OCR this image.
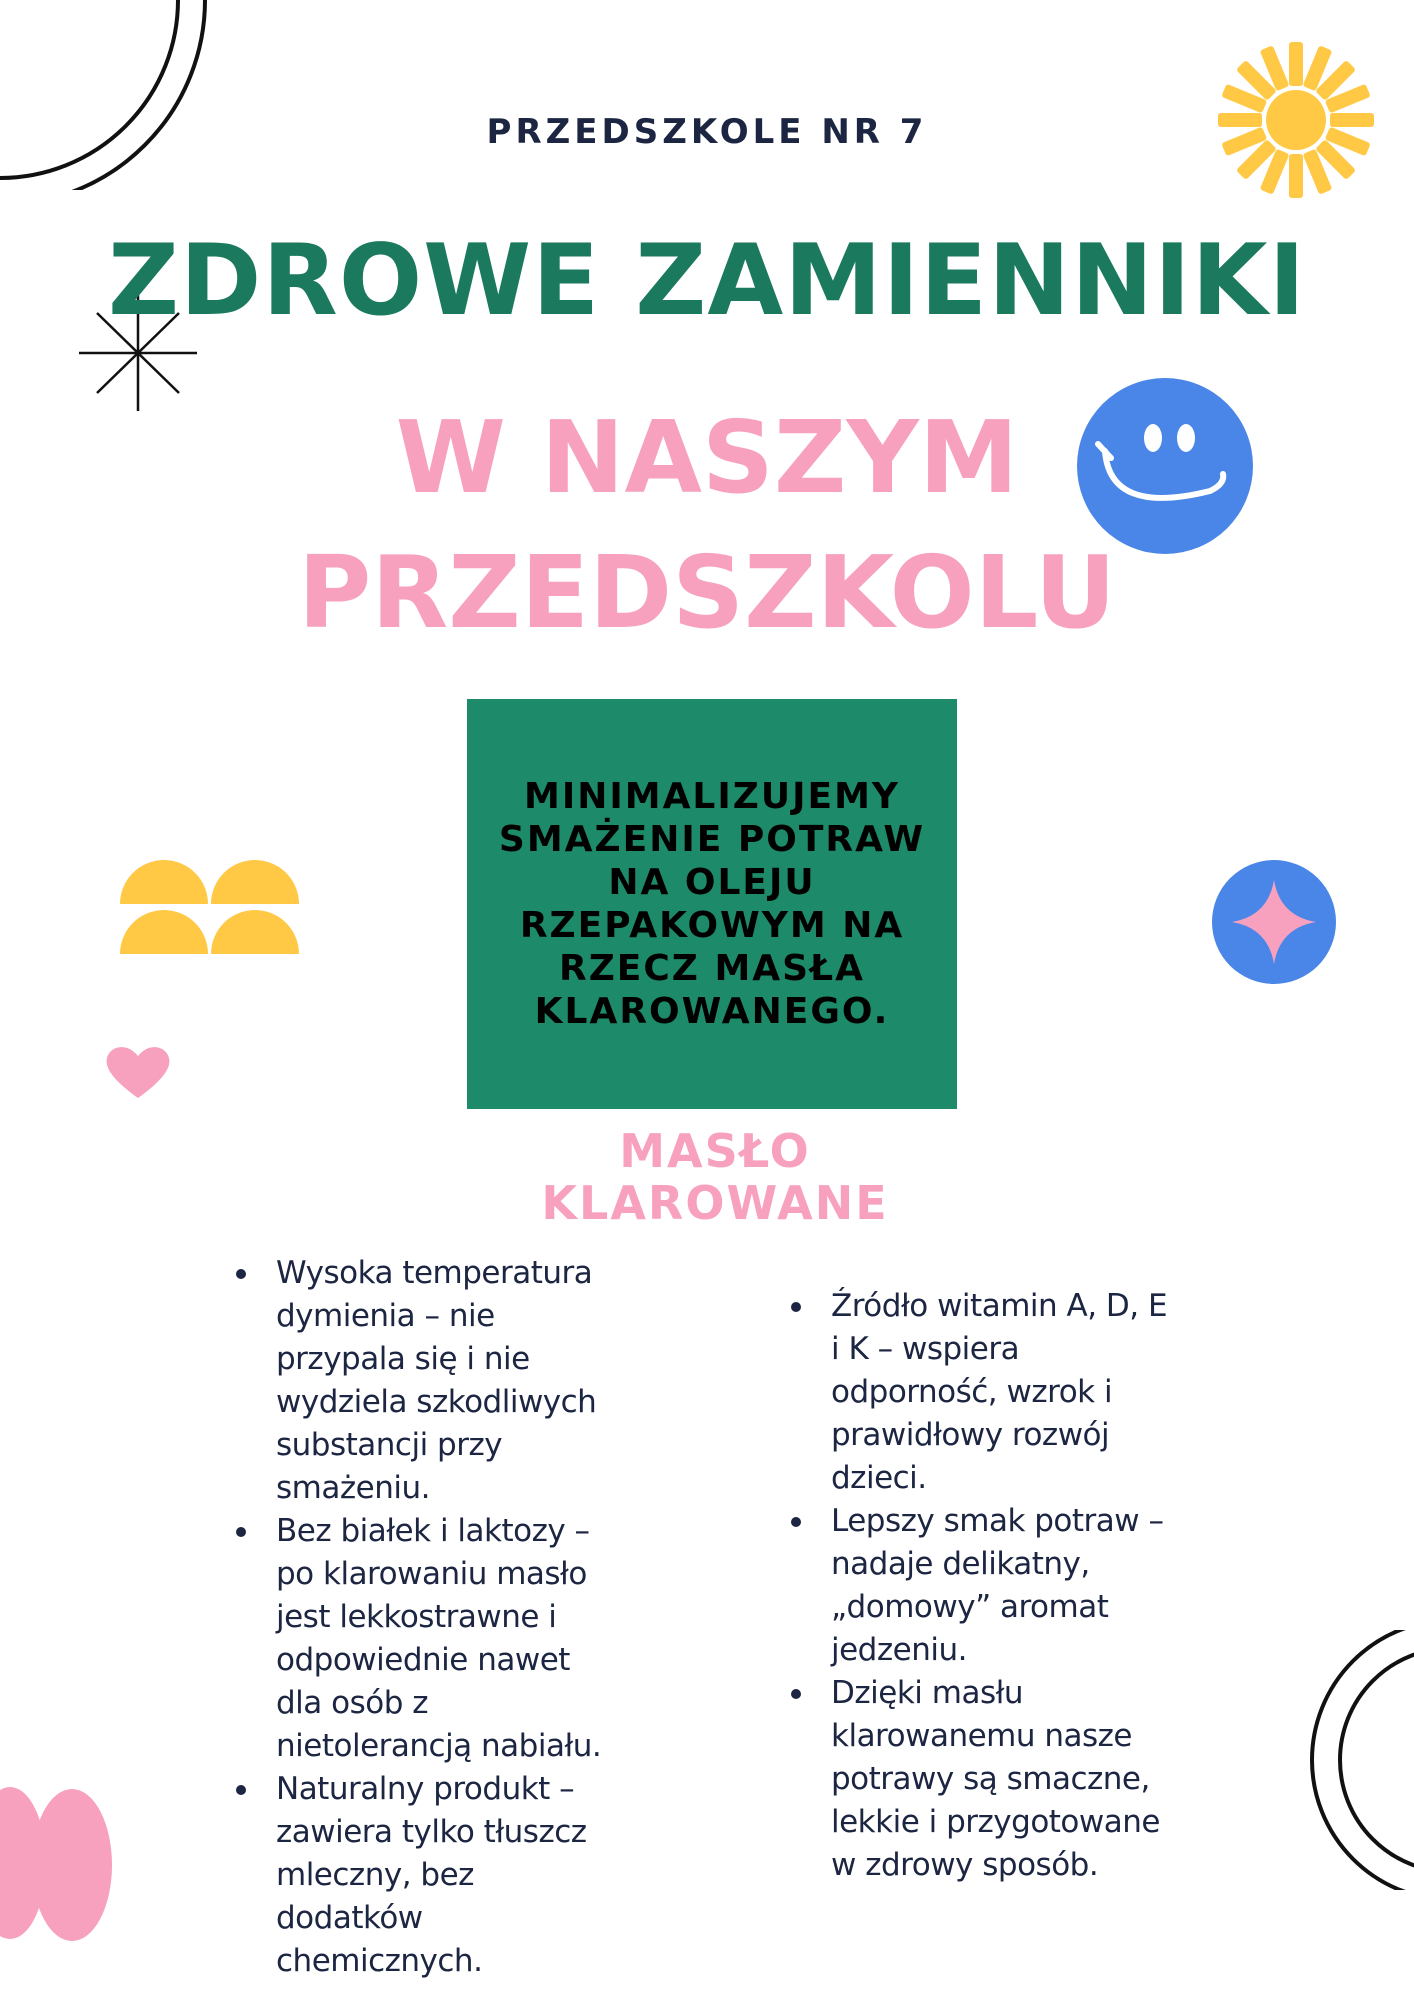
PRZEDSZKOLE NR 7
ZDROWE ZAMIENNIKI
W NASZYM
PRZEDSZKOLU
MINIMALIZUJEMY SMAŻENIE POTRAW NA OLEJU RZEPAKOWYM NA RZECZ MASŁA KLAROWANEGO.
MASŁO
KLAROWANE
Wysoka temperatura dymienia – nie przypala się i nie wydziela szkodliwych substancji przy smażeniu.
Bez białek i laktozy – po klarowaniu masło jest lekkostrawne i odpowiednie nawet dla osób z nietolerancją nabiału.
Naturalny produkt – zawiera tylko tłuszcz mleczny, bez dodatków chemicznych.
Źródło witamin A, D, E i K – wspiera odporność, wzrok i prawidłowy rozwój dzieci.
Lepszy smak potraw – nadaje delikatny, „domowy” aromat jedzeniu.
Dzięki masłu klarowanemu nasze potrawy są smaczne, lekkie i przygotowane w zdrowy sposób.
